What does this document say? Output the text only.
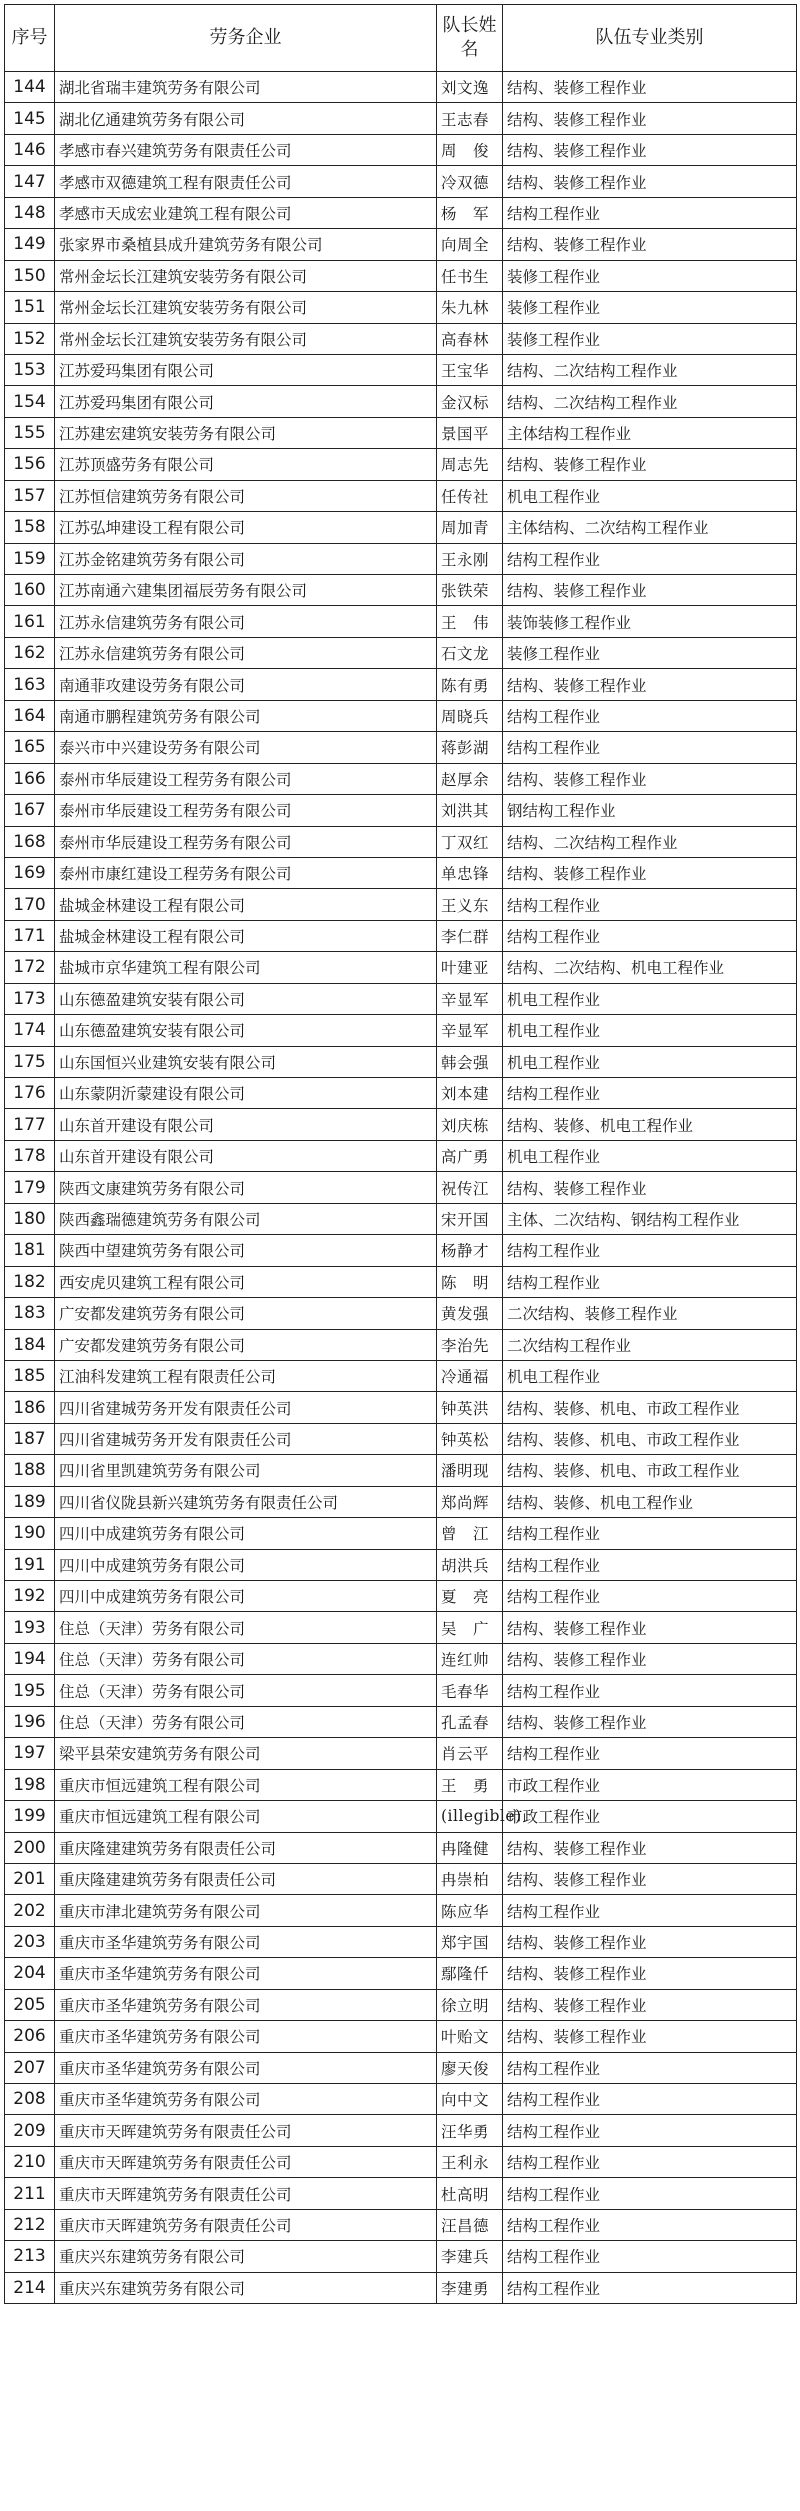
序号	劳务企业	队长姓名	队伍专业类别
144	湖北省瑞丰建筑劳务有限公司	刘文逸	结构、装修工程作业
145	湖北亿通建筑劳务有限公司	王志春	结构、装修工程作业
146	孝感市春兴建筑劳务有限责任公司	周　俊	结构、装修工程作业
147	孝感市双德建筑工程有限责任公司	冷双德	结构、装修工程作业
148	孝感市天成宏业建筑工程有限公司	杨　军	结构工程作业
149	张家界市桑植县成升建筑劳务有限公司	向周全	结构、装修工程作业
150	常州金坛长江建筑安装劳务有限公司	任书生	装修工程作业
151	常州金坛长江建筑安装劳务有限公司	朱九林	装修工程作业
152	常州金坛长江建筑安装劳务有限公司	高春林	装修工程作业
153	江苏爱玛集团有限公司	王宝华	结构、二次结构工程作业
154	江苏爱玛集团有限公司	金汉标	结构、二次结构工程作业
155	江苏建宏建筑安装劳务有限公司	景国平	主体结构工程作业
156	江苏顶盛劳务有限公司	周志先	结构、装修工程作业
157	江苏恒信建筑劳务有限公司	任传社	机电工程作业
158	江苏弘坤建设工程有限公司	周加青	主体结构、二次结构工程作业
159	江苏金铭建筑劳务有限公司	王永刚	结构工程作业
160	江苏南通六建集团福辰劳务有限公司	张铁荣	结构、装修工程作业
161	江苏永信建筑劳务有限公司	王　伟	装饰装修工程作业
162	江苏永信建筑劳务有限公司	石文龙	装修工程作业
163	南通菲攻建设劳务有限公司	陈有勇	结构、装修工程作业
164	南通市鹏程建筑劳务有限公司	周晓兵	结构工程作业
165	泰兴市中兴建设劳务有限公司	蒋彭湖	结构工程作业
166	泰州市华辰建设工程劳务有限公司	赵厚余	结构、装修工程作业
167	泰州市华辰建设工程劳务有限公司	刘洪其	钢结构工程作业
168	泰州市华辰建设工程劳务有限公司	丁双红	结构、二次结构工程作业
169	泰州市康红建设工程劳务有限公司	单忠锋	结构、装修工程作业
170	盐城金林建设工程有限公司	王义东	结构工程作业
171	盐城金林建设工程有限公司	李仁群	结构工程作业
172	盐城市京华建筑工程有限公司	叶建亚	结构、二次结构、机电工程作业
173	山东德盈建筑安装有限公司	辛显军	机电工程作业
174	山东德盈建筑安装有限公司	辛显军	机电工程作业
175	山东国恒兴业建筑安装有限公司	韩会强	机电工程作业
176	山东蒙阴沂蒙建设有限公司	刘本建	结构工程作业
177	山东首开建设有限公司	刘庆栋	结构、装修、机电工程作业
178	山东首开建设有限公司	高广勇	机电工程作业
179	陕西文康建筑劳务有限公司	祝传江	结构、装修工程作业
180	陕西鑫瑞德建筑劳务有限公司	宋开国	主体、二次结构、钢结构工程作业
181	陕西中望建筑劳务有限公司	杨静才	结构工程作业
182	西安虎贝建筑工程有限公司	陈　明	结构工程作业
183	广安都发建筑劳务有限公司	黄发强	二次结构、装修工程作业
184	广安都发建筑劳务有限公司	李治先	二次结构工程作业
185	江油科发建筑工程有限责任公司	冷通福	机电工程作业
186	四川省建城劳务开发有限责任公司	钟英洪	结构、装修、机电、市政工程作业
187	四川省建城劳务开发有限责任公司	钟英松	结构、装修、机电、市政工程作业
188	四川省里凯建筑劳务有限公司	潘明现	结构、装修、机电、市政工程作业
189	四川省仪陇县新兴建筑劳务有限责任公司	郑尚辉	结构、装修、机电工程作业
190	四川中成建筑劳务有限公司	曾　江	结构工程作业
191	四川中成建筑劳务有限公司	胡洪兵	结构工程作业
192	四川中成建筑劳务有限公司	夏　亮	结构工程作业
193	住总（天津）劳务有限公司	吴　广	结构、装修工程作业
194	住总（天津）劳务有限公司	连红帅	结构、装修工程作业
195	住总（天津）劳务有限公司	毛春华	结构工程作业
196	住总（天津）劳务有限公司	孔孟春	结构、装修工程作业
197	梁平县荣安建筑劳务有限公司	肖云平	结构工程作业
198	重庆市恒远建筑工程有限公司	王　勇	市政工程作业
199	重庆市恒远建筑工程有限公司	(illegible)	市政工程作业
200	重庆隆建建筑劳务有限责任公司	冉隆健	结构、装修工程作业
201	重庆隆建建筑劳务有限责任公司	冉崇柏	结构、装修工程作业
202	重庆市津北建筑劳务有限公司	陈应华	结构工程作业
203	重庆市圣华建筑劳务有限公司	郑宇国	结构、装修工程作业
204	重庆市圣华建筑劳务有限公司	鄢隆仟	结构、装修工程作业
205	重庆市圣华建筑劳务有限公司	徐立明	结构、装修工程作业
206	重庆市圣华建筑劳务有限公司	叶贻文	结构、装修工程作业
207	重庆市圣华建筑劳务有限公司	廖天俊	结构工程作业
208	重庆市圣华建筑劳务有限公司	向中文	结构工程作业
209	重庆市天晖建筑劳务有限责任公司	汪华勇	结构工程作业
210	重庆市天晖建筑劳务有限责任公司	王利永	结构工程作业
211	重庆市天晖建筑劳务有限责任公司	杜高明	结构工程作业
212	重庆市天晖建筑劳务有限责任公司	汪昌德	结构工程作业
213	重庆兴东建筑劳务有限公司	李建兵	结构工程作业
214	重庆兴东建筑劳务有限公司	李建勇	结构工程作业
